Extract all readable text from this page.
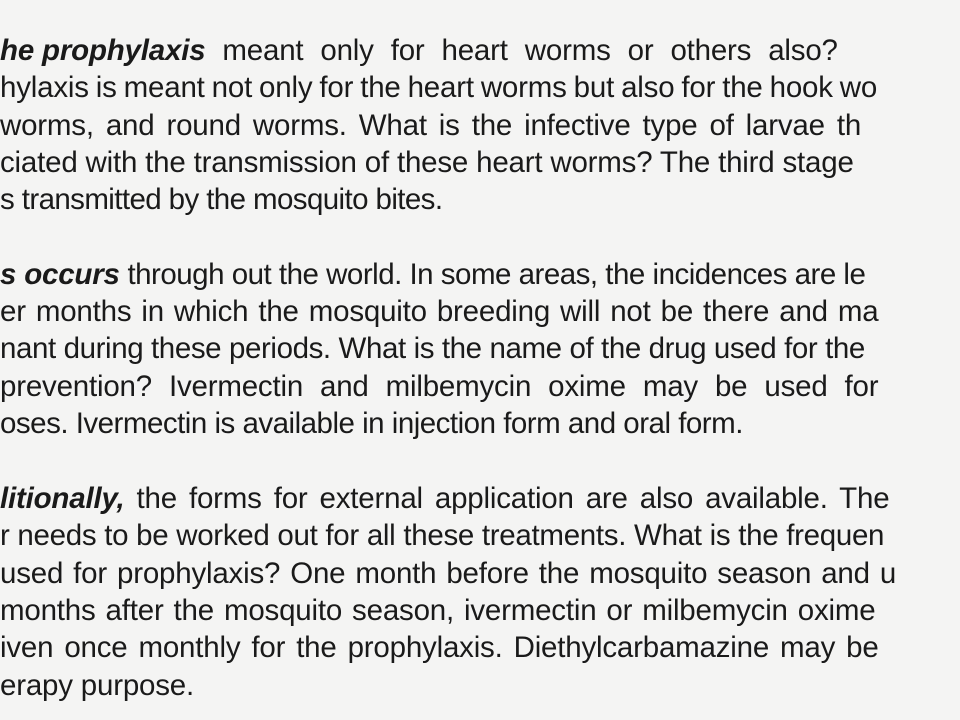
he prophylaxis meant only for heart worms or others also?
hylaxis is meant not only for the heart worms but also for the hook wo
worms, and round worms. What is the infective type of larvae th
ciated with the transmission of these heart worms? The third stage
s transmitted by the mosquito bites.
s occurs through out the world. In some areas, the incidences are le
er months in which the mosquito breeding will not be there and ma
nant during these periods. What is the name of the drug used for the
prevention? Ivermectin and milbemycin oxime may be used for
oses. Ivermectin is available in injection form and oral form.
litionally, the forms for external application are also available. The
r needs to be worked out for all these treatments. What is the frequen
used for prophylaxis? One month before the mosquito season and u
months after the mosquito season, ivermectin or milbemycin oxime
iven once monthly for the prophylaxis. Diethylcarbamazine may be
erapy purpose.
